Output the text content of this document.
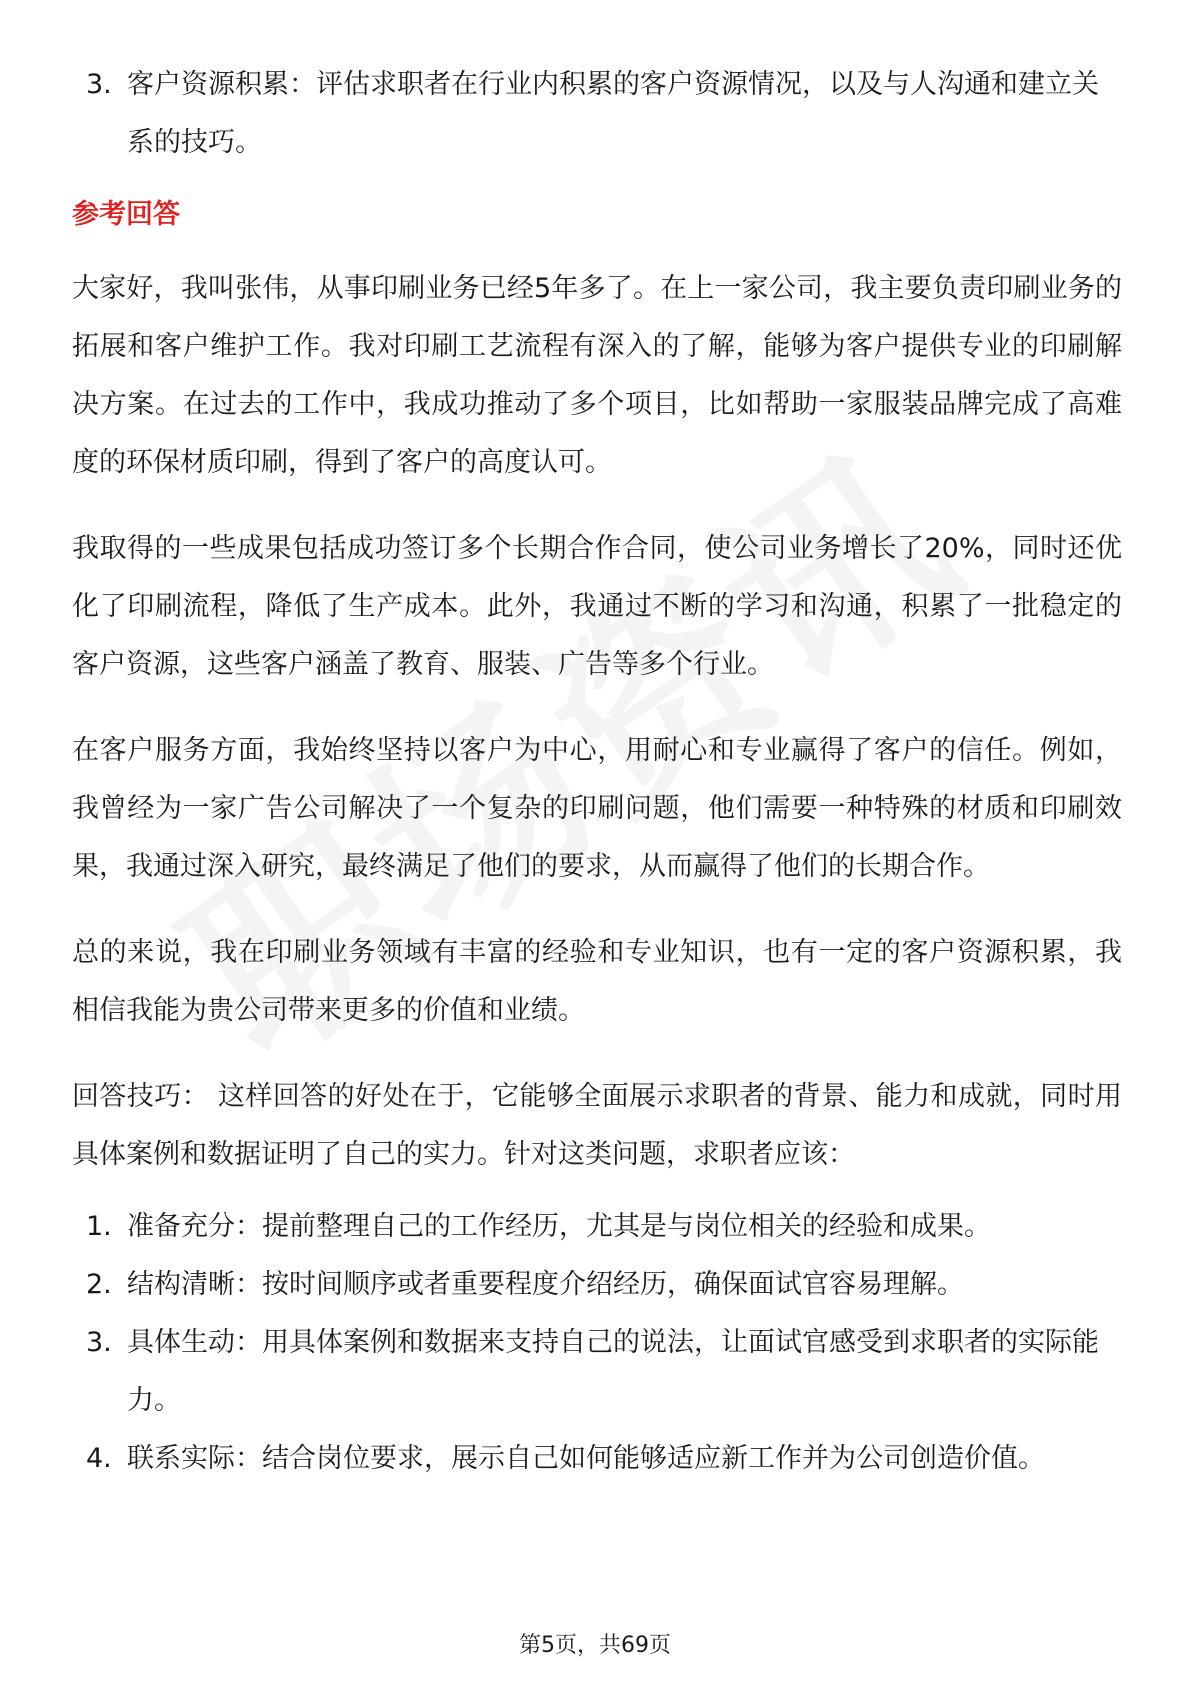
3. 客户资源积累：评估求职者在行业内积累的客户资源情况，以及与人沟通和建立关系的技巧。
参考回答

大家好，我叫张伟，从事印刷业务已经5年多了。在上一家公司，我主要负责印刷业务的拓展和客户维护工作。我对印刷工艺流程有深入的了解，能够为客户提供专业的印刷解决方案。在过去的工作中，我成功推动了多个项目，比如帮助一家服装品牌完成了高难度的环保材质印刷，得到了客户的高度认可。

我取得的一些成果包括成功签订多个长期合作合同，使公司业务增长了20%，同时还优化了印刷流程，降低了生产成本。此外，我通过不断的学习和沟通，积累了一批稳定的客户资源，这些客户涵盖了教育、服装、广告等多个行业。

在客户服务方面，我始终坚持以客户为中心，用耐心和专业赢得了客户的信任。例如，我曾经为一家广告公司解决了一个复杂的印刷问题，他们需要一种特殊的材质和印刷效果，我通过深入研究，最终满足了他们的要求，从而赢得了他们的长期合作。

总的来说，我在印刷业务领域有丰富的经验和专业知识，也有一定的客户资源积累，我相信我能为贵公司带来更多的价值和业绩。

回答技巧： 这样回答的好处在于，它能够全面展示求职者的背景、能力和成就，同时用具体案例和数据证明了自己的实力。针对这类问题，求职者应该：

1. 准备充分：提前整理自己的工作经历，尤其是与岗位相关的经验和成果。
2. 结构清晰：按时间顺序或者重要程度介绍经历，确保面试官容易理解。
3. 具体生动：用具体案例和数据来支持自己的说法，让面试官感受到求职者的实际能力。
4. 联系实际：结合岗位要求，展示自己如何能够适应新工作并为公司创造价值。
第5页，共69页
